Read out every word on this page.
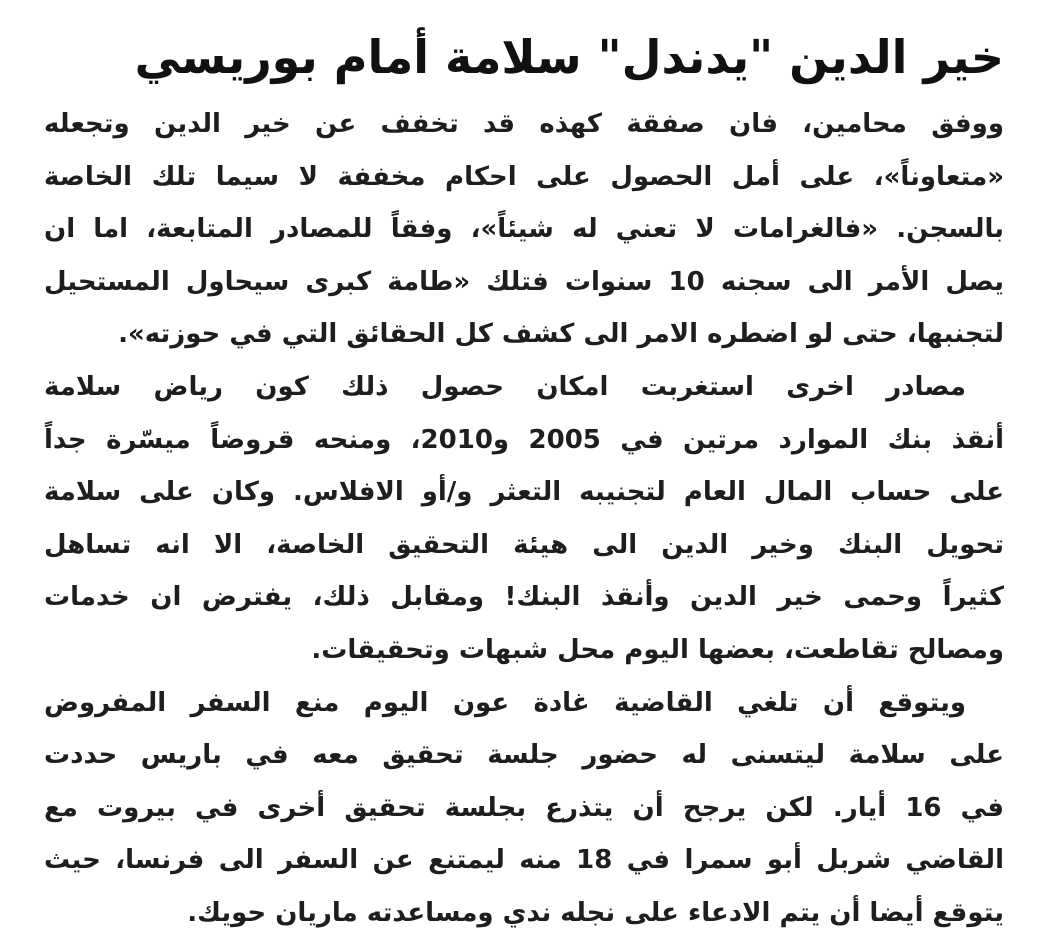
خير الدين "يدندل" سلامة أمام بوريسي

ووفق محامين، فان صفقة كهذه قد تخفف عن خير الدين وتجعله
«متعاوناً»، على أمل الحصول على احكام مخففة لا سيما تلك الخاصة
بالسجن. «فالغرامات لا تعني له شيئاً»، وفقاً للمصادر المتابعة، اما ان
يصل الأمر الى سجنه 10 سنوات فتلك «طامة كبرى سيحاول المستحيل
لتجنبها، حتى لو اضطره الامر الى كشف كل الحقائق التي في حوزته».

مصادر اخرى استغربت امكان حصول ذلك كون رياض سلامة
أنقذ بنك الموارد مرتين في 2005 و2010، ومنحه قروضاً ميسّرة جداً
على حساب المال العام لتجنيبه التعثر و/أو الافلاس. وكان على سلامة
تحويل البنك وخير الدين الى هيئة التحقيق الخاصة، الا انه تساهل
كثيراً وحمى خير الدين وأنقذ البنك! ومقابل ذلك، يفترض ان خدمات
ومصالح تقاطعت، بعضها اليوم محل شبهات وتحقيقات.

ويتوقع أن تلغي القاضية غادة عون اليوم منع السفر المفروض
على سلامة ليتسنى له حضور جلسة تحقيق معه في باريس حددت
في 16 أيار. لكن يرجح أن يتذرع بجلسة تحقيق أخرى في بيروت مع
القاضي شربل أبو سمرا في 18 منه ليمتنع عن السفر الى فرنسا، حيث
يتوقع أيضا أن يتم الادعاء على نجله ندي ومساعدته ماريان حويك.
